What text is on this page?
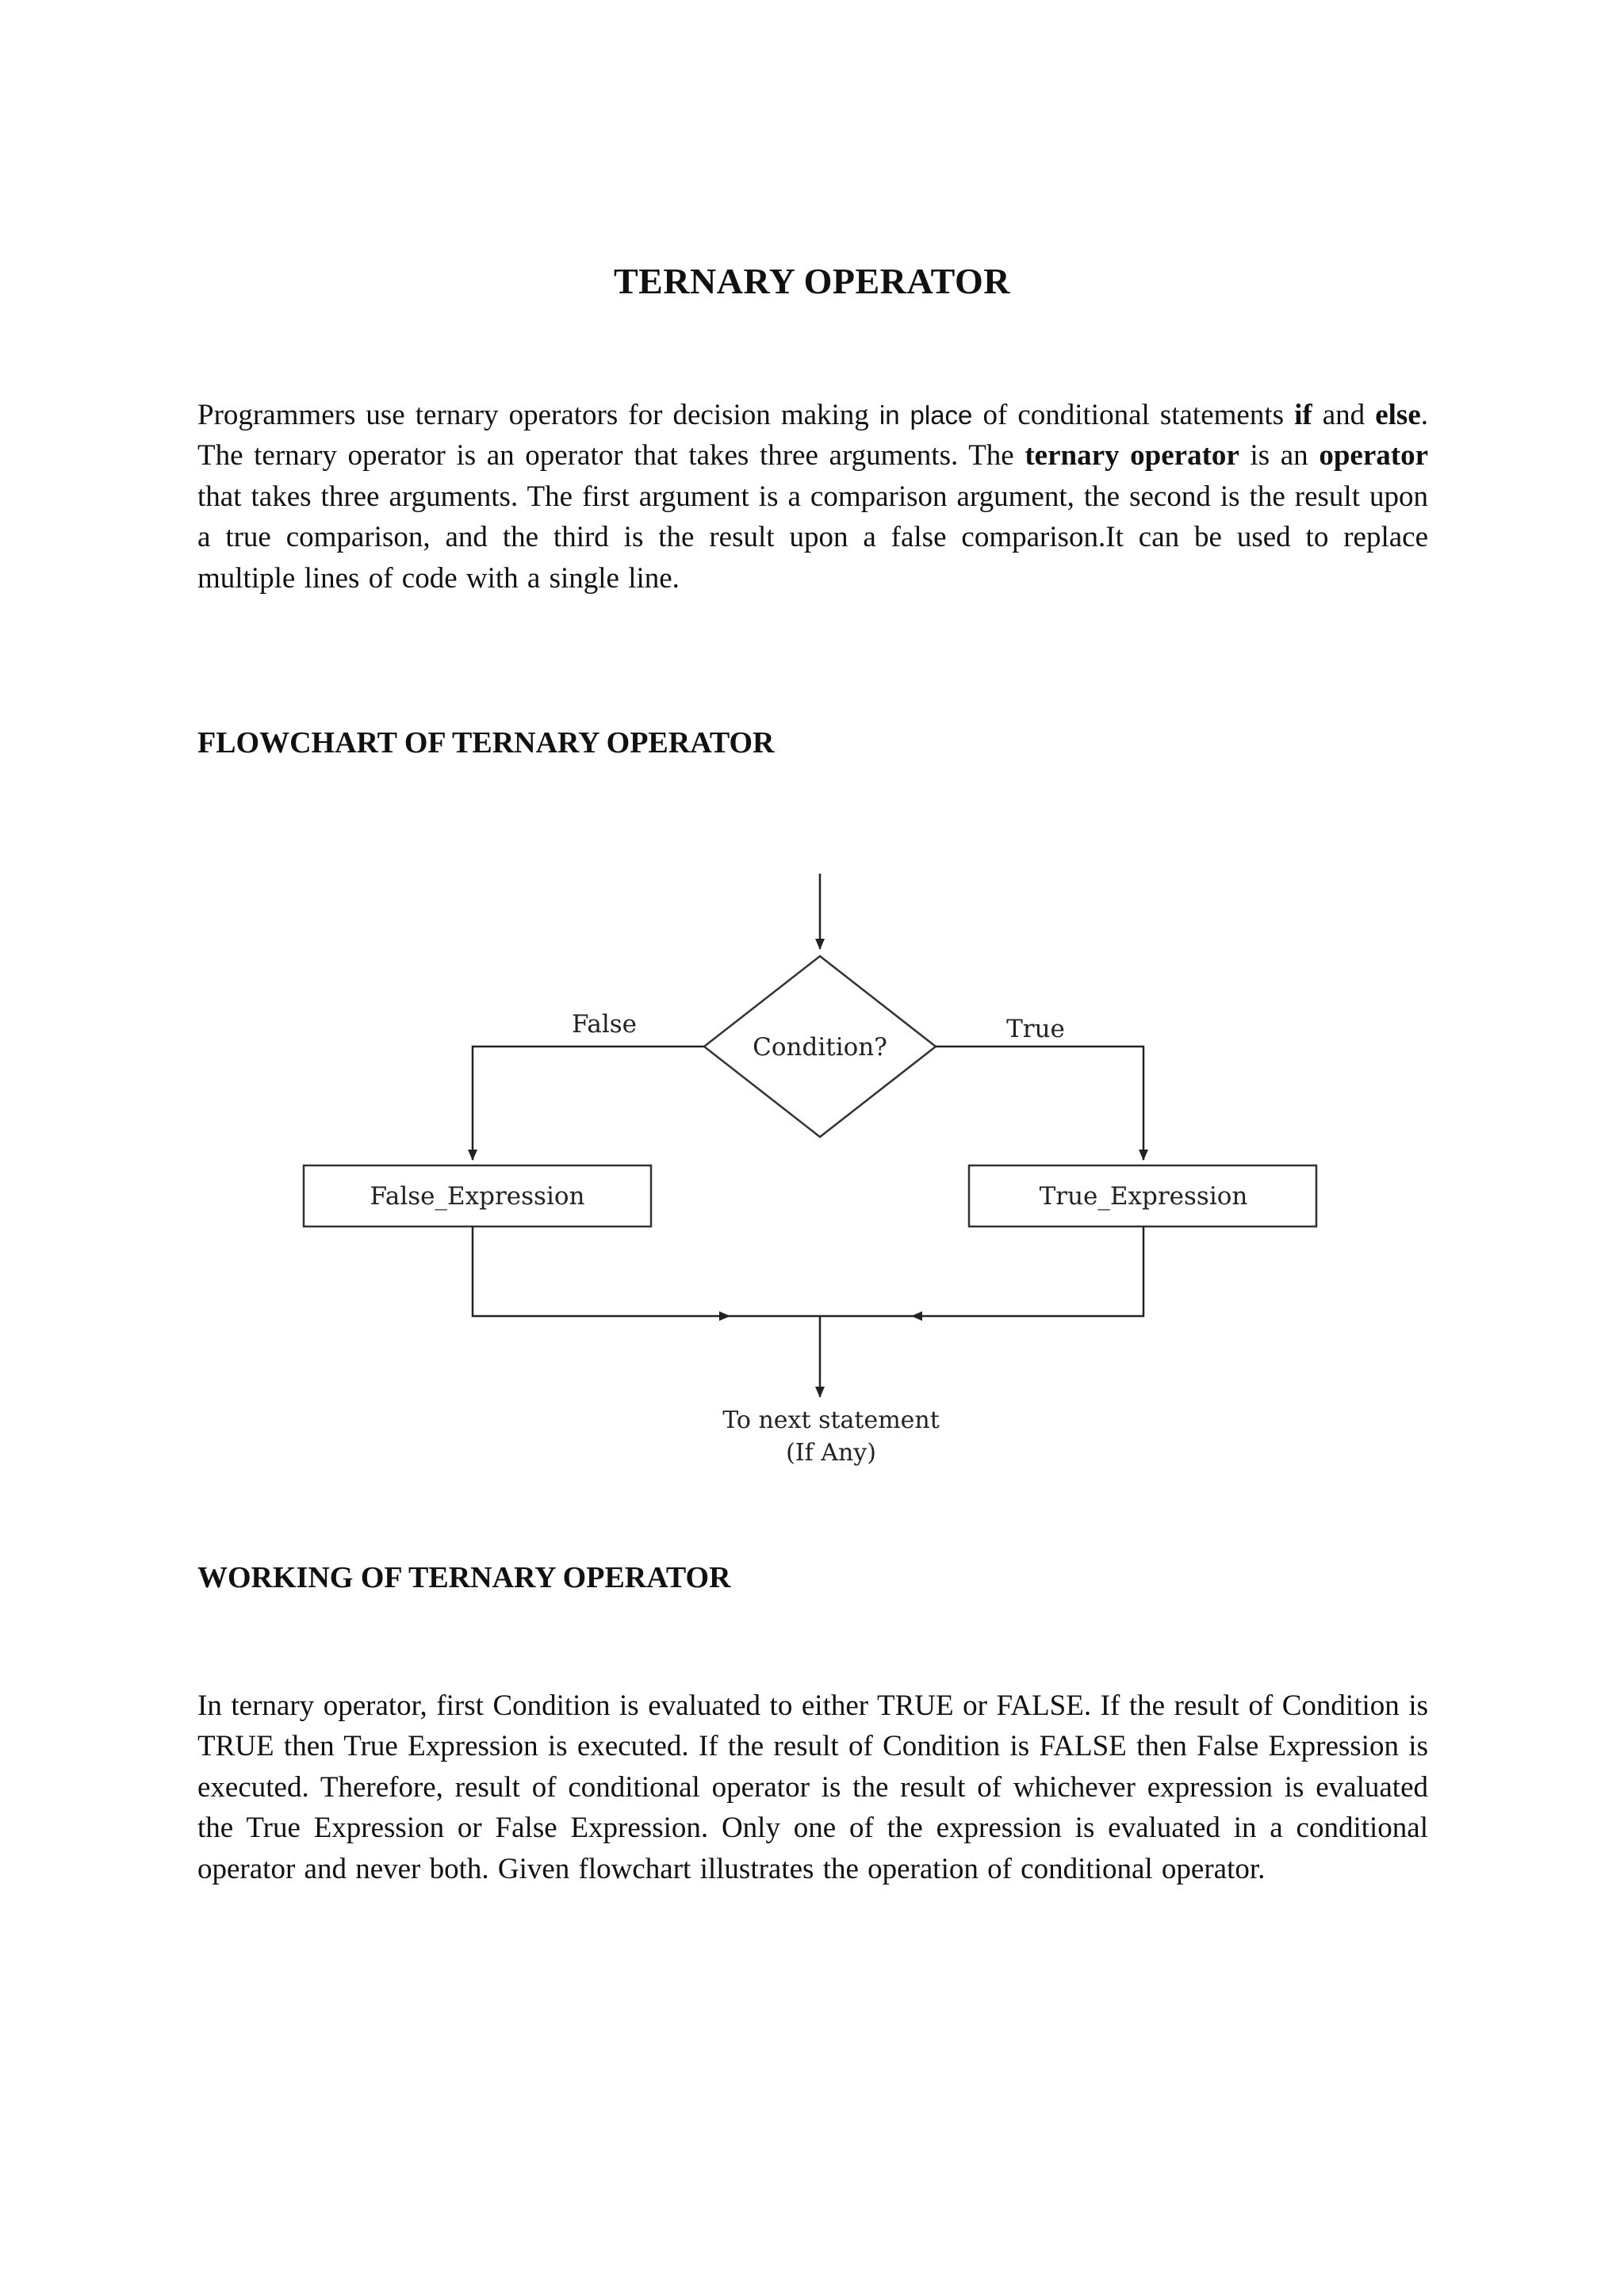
TERNARY OPERATOR

Programmers use ternary operators for decision making in place of conditional statements if and else. The ternary operator is an operator that takes three arguments. The ternary operator is an operator that takes three arguments. The first argument is a comparison argument, the second is the result upon a true comparison, and the third is the result upon a false comparison.It can be used to replace multiple lines of code with a single line.

FLOWCHART OF TERNARY OPERATOR
Condition?
False	True
False_Expression	True_Expression
To next statement
(If Any)
WORKING OF TERNARY OPERATOR

In ternary operator, first Condition is evaluated to either TRUE or FALSE. If the result of Condition is TRUE then True Expression is executed. If the result of Condition is FALSE then False Expression is executed. Therefore, result of conditional operator is the result of whichever expression is evaluated the True Expression or False Expression. Only one of the expression is evaluated in a conditional operator and never both. Given flowchart illustrates the operation of conditional operator.
